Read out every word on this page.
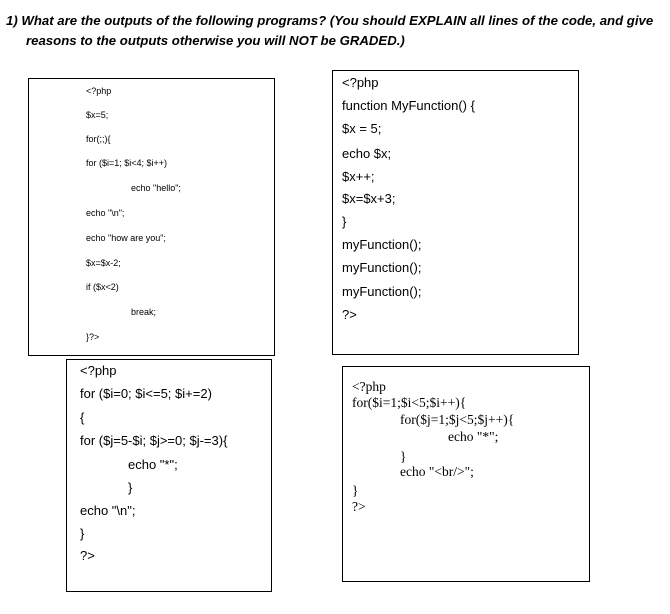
1) What are the outputs of the following programs? (You should EXPLAIN all lines of the code, and give
reasons to the outputs otherwise you will NOT be GRADED.)
<?php
$x=5;
for(;;){
for ($i=1; $i<4; $i++)
echo "hello";
echo "\n";
echo "how are you";
$x=$x-2;
if ($x<2)
break;
}?>
<?php
function MyFunction() {
$x = 5;
echo $x;
$x++;
$x=$x+3;
}
myFunction();
myFunction();
myFunction();
?>
<?php
for ($i=0; $i<=5; $i+=2)
{
for ($j=5-$i; $j>=0; $j-=3){
echo "*";
}
echo "\n";
}
?>
<?php
for($i=1;$i<5;$i++){
for($j=1;$j<5;$j++){
echo "*";
}
echo "<br/>";
}
?>
